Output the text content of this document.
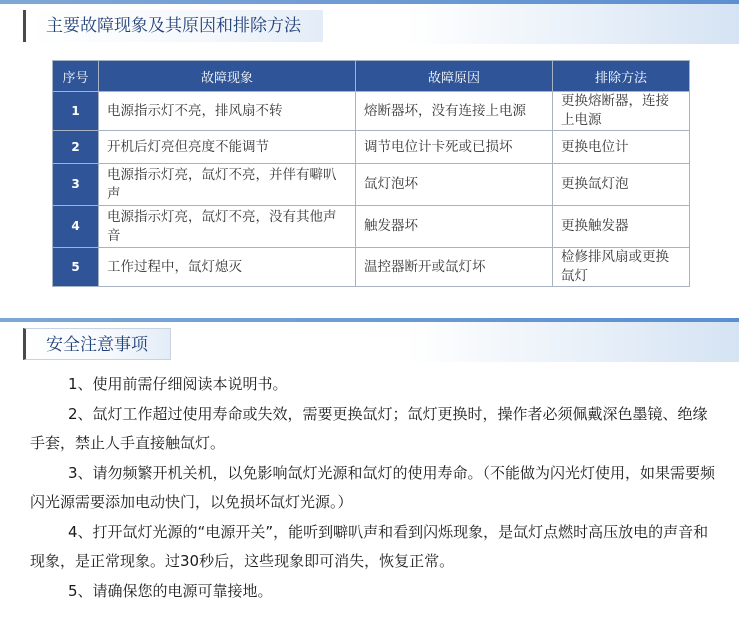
主要故障现象及其原因和排除方法
序号	故障现象	故障原因	排除方法
1	电源指示灯不亮，排风扇不转	熔断器坏，没有连接上电源	更换熔断器，连接上电源
2	开机后灯亮但亮度不能调节	调节电位计卡死或已损坏	更换电位计
3	电源指示灯亮，氙灯不亮，并伴有噼叭声	氙灯泡坏	更换氙灯泡
4	电源指示灯亮，氙灯不亮，没有其他声音	触发器坏	更换触发器
5	工作过程中，氙灯熄灭	温控器断开或氙灯坏	检修排风扇或更换氙灯
安全注意事项

1、使用前需仔细阅读本说明书。

2、氙灯工作超过使用寿命或失效，需要更换氙灯；氙灯更换时，操作者必须佩戴深色墨镜、绝缘手套，禁止人手直接触氙灯。

3、请勿频繁开机关机，以免影响氙灯光源和氙灯的使用寿命。（不能做为闪光灯使用，如果需要频闪光源需要添加电动快门，以免损坏氙灯光源。）

4、打开氙灯光源的“电源开关”，能听到噼叭声和看到闪烁现象，是氙灯点燃时高压放电的声音和现象，是正常现象。过30秒后，这些现象即可消失，恢复正常。

5、请确保您的电源可靠接地。
